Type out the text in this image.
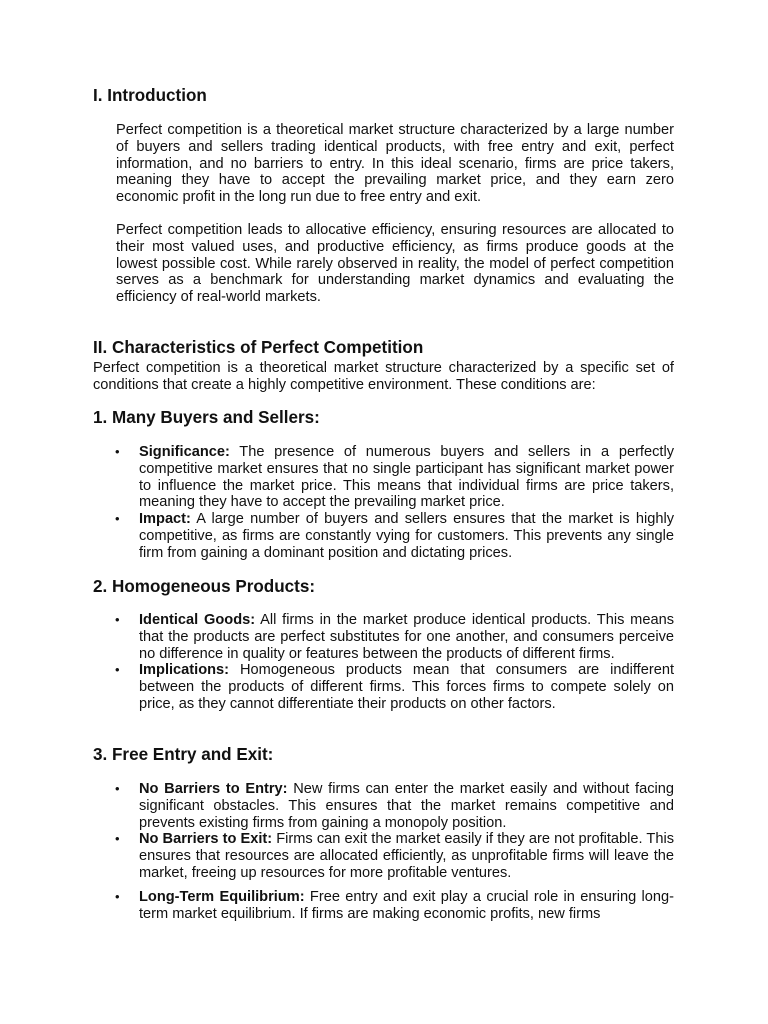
I. Introduction

Perfect competition is a theoretical market structure characterized by a large number of buyers and sellers trading identical products, with free entry and exit, perfect information, and no barriers to entry. In this ideal scenario, firms are price takers, meaning they have to accept the prevailing market price, and they earn zero economic profit in the long run due to free entry and exit.

Perfect competition leads to allocative efficiency, ensuring resources are allocated to their most valued uses, and productive efficiency, as firms produce goods at the lowest possible cost. While rarely observed in reality, the model of perfect competition serves as a benchmark for understanding market dynamics and evaluating the efficiency of real-world markets.

II. Characteristics of Perfect Competition

Perfect competition is a theoretical market structure characterized by a specific set of conditions that create a highly competitive environment. These conditions are:

1. Many Buyers and Sellers:
• Significance: The presence of numerous buyers and sellers in a perfectly competitive market ensures that no single participant has significant market power to influence the market price. This means that individual firms are price takers, meaning they have to accept the prevailing market price.
• Impact: A large number of buyers and sellers ensures that the market is highly competitive, as firms are constantly vying for customers. This prevents any single firm from gaining a dominant position and dictating prices.
2. Homogeneous Products:
• Identical Goods: All firms in the market produce identical products. This means that the products are perfect substitutes for one another, and consumers perceive no difference in quality or features between the products of different firms.
• Implications: Homogeneous products mean that consumers are indifferent between the products of different firms. This forces firms to compete solely on price, as they cannot differentiate their products on other factors.
3. Free Entry and Exit:
• No Barriers to Entry: New firms can enter the market easily and without facing significant obstacles. This ensures that the market remains competitive and prevents existing firms from gaining a monopoly position.
• No Barriers to Exit: Firms can exit the market easily if they are not profitable. This ensures that resources are allocated efficiently, as unprofitable firms will leave the market, freeing up resources for more profitable ventures.
• Long-Term Equilibrium: Free entry and exit play a crucial role in ensuring long-term market equilibrium. If firms are making economic profits, new firms
